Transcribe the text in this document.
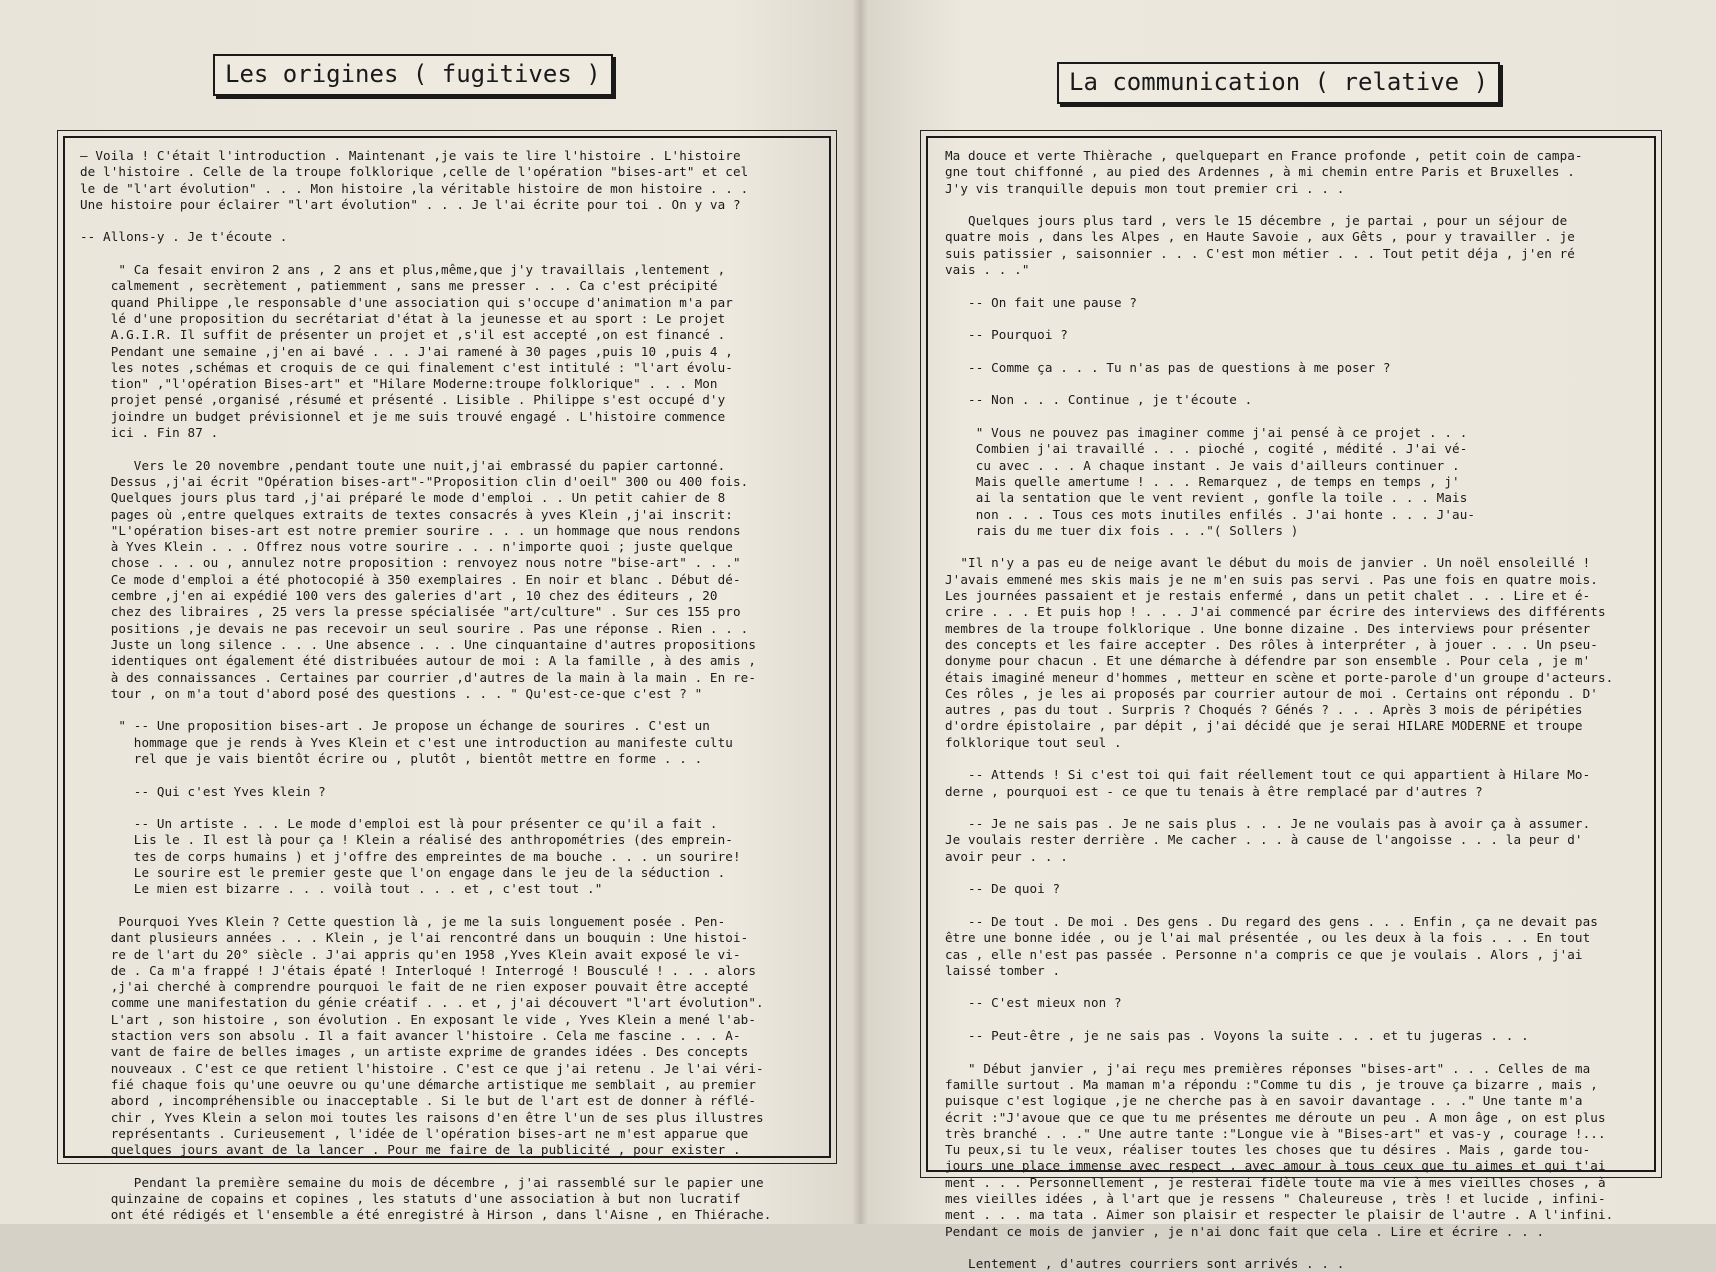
Les origines ( fugitives )	La communication ( relative )
— Voila ! C'était l'introduction . Maintenant ,je vais te lire l'histoire . L'histoire
de l'histoire . Celle de la troupe folklorique ,celle de l'opération "bises-art" et cel
le de "l'art évolution" . . . Mon histoire ,la véritable histoire de mon histoire . . .
Une histoire pour éclairer "l'art évolution" . . . Je l'ai écrite pour toi . On y va ?
-- Allons-y . Je t'écoute .
" Ca fesait environ 2 ans , 2 ans et plus,même,que j'y travaillais ,lentement ,
calmement , secrètement , patiemment , sans me presser . . . Ca c'est précipité
quand Philippe ,le responsable d'une association qui s'occupe d'animation m'a par
lé d'une proposition du secrétariat d'état à la jeunesse et au sport : Le projet
A.G.I.R. Il suffit de présenter un projet et ,s'il est accepté ,on est financé .
Pendant une semaine ,j'en ai bavé . . . J'ai ramené à 30 pages ,puis 10 ,puis 4 ,
les notes ,schémas et croquis de ce qui finalement c'est intitulé : "l'art évolu-
tion" ,"l'opération Bises-art" et "Hilare Moderne:troupe folklorique" . . . Mon
projet pensé ,organisé ,résumé et présenté . Lisible . Philippe s'est occupé d'y
joindre un budget prévisionnel et je me suis trouvé engagé . L'histoire commence
ici . Fin 87 .
Vers le 20 novembre ,pendant toute une nuit,j'ai embrassé du papier cartonné.
Dessus ,j'ai écrit "Opération bises-art"-"Proposition clin d'oeil" 300 ou 400 fois.
Quelques jours plus tard ,j'ai préparé le mode d'emploi . . Un petit cahier de 8
pages où ,entre quelques extraits de textes consacrés à yves Klein ,j'ai inscrit:
"L'opération bises-art est notre premier sourire . . . un hommage que nous rendons
à Yves Klein . . . Offrez nous votre sourire . . . n'importe quoi ; juste quelque
chose . . . ou , annulez notre proposition : renvoyez nous notre "bise-art" . . ."
Ce mode d'emploi a été photocopié à 350 exemplaires . En noir et blanc . Début dé-
cembre ,j'en ai expédié 100 vers des galeries d'art , 10 chez des éditeurs , 20
chez des libraires , 25 vers la presse spécialisée "art/culture" . Sur ces 155 pro
positions ,je devais ne pas recevoir un seul sourire . Pas une réponse . Rien . . .
Juste un long silence . . . Une absence . . . Une cinquantaine d'autres propositions
identiques ont également été distribuées autour de moi : A la famille , à des amis ,
à des connaissances . Certaines par courrier ,d'autres de la main à la main . En re-
tour , on m'a tout d'abord posé des questions . . . " Qu'est-ce-que c'est ? "
" -- Une proposition bises-art . Je propose un échange de sourires . C'est un
hommage que je rends à Yves Klein et c'est une introduction au manifeste cultu
rel que je vais bientôt écrire ou , plutôt , bientôt mettre en forme . . .
-- Qui c'est Yves klein ?
-- Un artiste . . . Le mode d'emploi est là pour présenter ce qu'il a fait .
Lis le . Il est là pour ça ! Klein a réalisé des anthropométries (des emprein-
tes de corps humains ) et j'offre des empreintes de ma bouche . . . un sourire!
Le sourire est le premier geste que l'on engage dans le jeu de la séduction .
Le mien est bizarre . . . voilà tout . . . et , c'est tout ."
Pourquoi Yves Klein ? Cette question là , je me la suis longuement posée . Pen-
dant plusieurs années . . . Klein , je l'ai rencontré dans un bouquin : Une histoi-
re de l'art du 20° siècle . J'ai appris qu'en 1958 ,Yves Klein avait exposé le vi-
de . Ca m'a frappé ! J'étais épaté ! Interloqué ! Interrogé ! Bousculé ! . . . alors
,j'ai cherché à comprendre pourquoi le fait de ne rien exposer pouvait être accepté
comme une manifestation du génie créatif . . . et , j'ai découvert "l'art évolution".
L'art , son histoire , son évolution . En exposant le vide , Yves Klein a mené l'ab-
staction vers son absolu . Il a fait avancer l'histoire . Cela me fascine . . . A-
vant de faire de belles images , un artiste exprime de grandes idées . Des concepts
nouveaux . C'est ce que retient l'histoire . C'est ce que j'ai retenu . Je l'ai véri-
fié chaque fois qu'une oeuvre ou qu'une démarche artistique me semblait , au premier
abord , incompréhensible ou inacceptable . Si le but de l'art est de donner à réflé-
chir , Yves Klein a selon moi toutes les raisons d'en être l'un de ses plus illustres
représentants . Curieusement , l'idée de l'opération bises-art ne m'est apparue que
quelques jours avant de la lancer . Pour me faire de la publicité , pour exister .
Pendant la première semaine du mois de décembre , j'ai rassemblé sur le papier une
quinzaine de copains et copines , les statuts d'une association à but non lucratif
ont été rédigés et l'ensemble a été enregistré à Hirson , dans l'Aisne , en Thiérache.
Ma douce et verte Thièrache , quelquepart en France profonde , petit coin de campa-
gne tout chiffonné , au pied des Ardennes , à mi chemin entre Paris et Bruxelles .
J'y vis tranquille depuis mon tout premier cri . . .
Quelques jours plus tard , vers le 15 décembre , je partai , pour un séjour de
quatre mois , dans les Alpes , en Haute Savoie , aux Gêts , pour y travailler . je
suis patissier , saisonnier . . . C'est mon métier . . . Tout petit déja , j'en ré
vais . . ."
-- On fait une pause ?
-- Pourquoi ?
-- Comme ça . . . Tu n'as pas de questions à me poser ?
-- Non . . . Continue , je t'écoute .
" Vous ne pouvez pas imaginer comme j'ai pensé à ce projet . . .
Combien j'ai travaillé . . . pioché , cogité , médité . J'ai vé-
cu avec . . . A chaque instant . Je vais d'ailleurs continuer .
Mais quelle amertume ! . . . Remarquez , de temps en temps , j'
ai la sentation que le vent revient , gonfle la toile . . . Mais
non . . . Tous ces mots inutiles enfilés . J'ai honte . . . J'au-
rais du me tuer dix fois . . ."( Sollers )
"Il n'y a pas eu de neige avant le début du mois de janvier . Un noël ensoleillé !
J'avais emmené mes skis mais je ne m'en suis pas servi . Pas une fois en quatre mois.
Les journées passaient et je restais enfermé , dans un petit chalet . . . Lire et é-
crire . . . Et puis hop ! . . . J'ai commencé par écrire des interviews des différents
membres de la troupe folklorique . Une bonne dizaine . Des interviews pour présenter
des concepts et les faire accepter . Des rôles à interpréter , à jouer . . . Un pseu-
donyme pour chacun . Et une démarche à défendre par son ensemble . Pour cela , je m'
étais imaginé meneur d'hommes , metteur en scène et porte-parole d'un groupe d'acteurs.
Ces rôles , je les ai proposés par courrier autour de moi . Certains ont répondu . D'
autres , pas du tout . Surpris ? Choqués ? Génés ? . . . Après 3 mois de péripéties
d'ordre épistolaire , par dépit , j'ai décidé que je serai HILARE MODERNE et troupe
folklorique tout seul .
-- Attends ! Si c'est toi qui fait réellement tout ce qui appartient à Hilare Mo-
derne , pourquoi est - ce que tu tenais à être remplacé par d'autres ?
-- Je ne sais pas . Je ne sais plus . . . Je ne voulais pas à avoir ça à assumer.
Je voulais rester derrière . Me cacher . . . à cause de l'angoisse . . . la peur d'
avoir peur . . .
-- De quoi ?
-- De tout . De moi . Des gens . Du regard des gens . . . Enfin , ça ne devait pas
être une bonne idée , ou je l'ai mal présentée , ou les deux à la fois . . . En tout
cas , elle n'est pas passée . Personne n'a compris ce que je voulais . Alors , j'ai
laissé tomber .
-- C'est mieux non ?
-- Peut-être , je ne sais pas . Voyons la suite . . . et tu jugeras . . .
" Début janvier , j'ai reçu mes premières réponses "bises-art" . . . Celles de ma
famille surtout . Ma maman m'a répondu :"Comme tu dis , je trouve ça bizarre , mais ,
puisque c'est logique ,je ne cherche pas à en savoir davantage . . ." Une tante m'a
écrit :"J'avoue que ce que tu me présentes me déroute un peu . A mon âge , on est plus
très branché . . ." Une autre tante :"Longue vie à "Bises-art" et vas-y , courage !...
Tu peux,si tu le veux, réaliser toutes les choses que tu désires . Mais , garde tou-
jours une place immense avec respect , avec amour à tous ceux que tu aimes et qui t'ai
ment . . . Personnellement , je resterai fidèle toute ma vie à mes vieilles choses , à
mes vieilles idées , à l'art que je ressens " Chaleureuse , très ! et lucide , infini-
ment . . . ma tata . Aimer son plaisir et respecter le plaisir de l'autre . A l'infini.
Pendant ce mois de janvier , je n'ai donc fait que cela . Lire et écrire . . .
Lentement , d'autres courriers sont arrivés . . .
